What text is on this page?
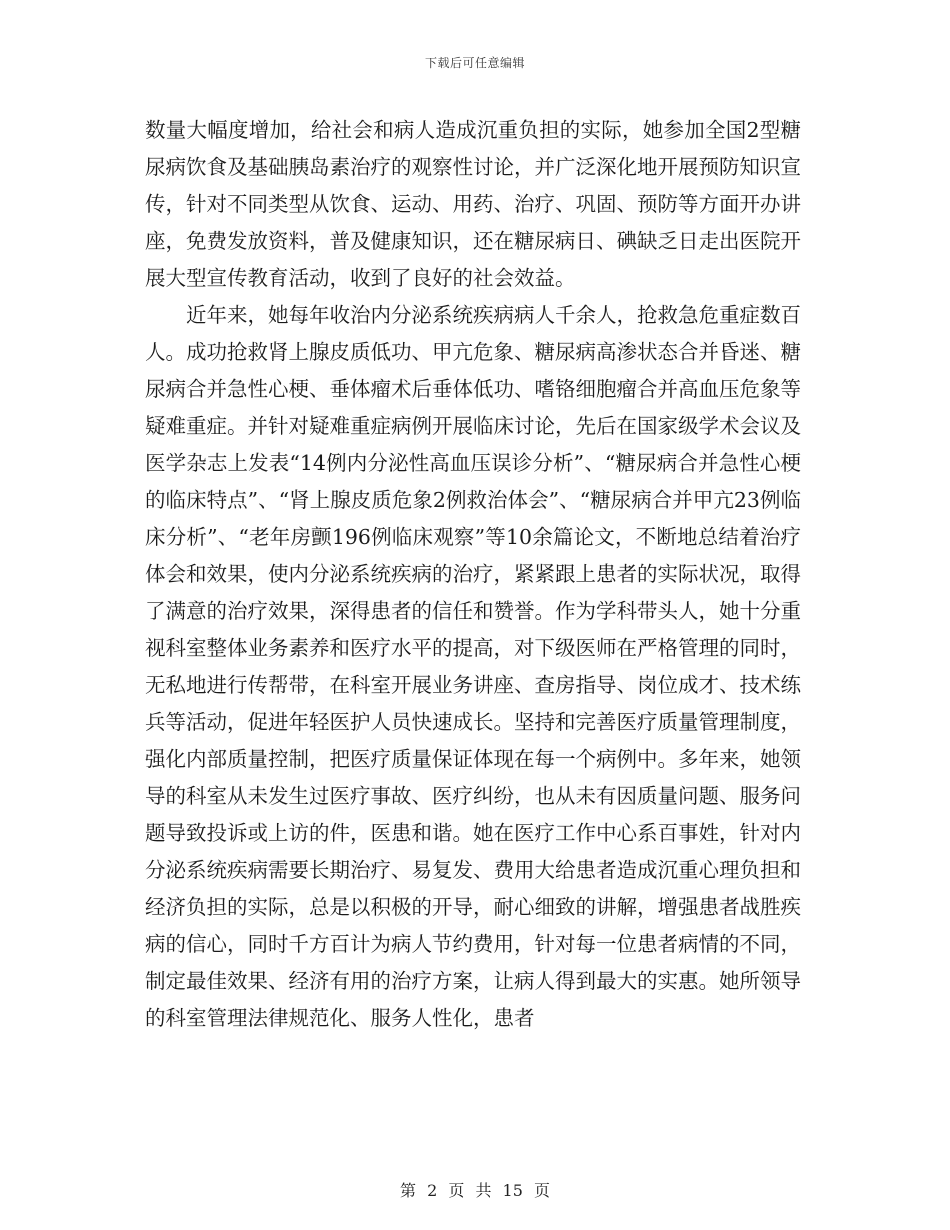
下载后可任意编辑

数量大幅度增加，给社会和病人造成沉重负担的实际，她参加全国2型糖尿病饮食及基础胰岛素治疗的观察性讨论，并广泛深化地开展预防知识宣传，针对不同类型从饮食、运动、用药、治疗、巩固、预防等方面开办讲座，免费发放资料，普及健康知识，还在糖尿病日、碘缺乏日走出医院开展大型宣传教育活动，收到了良好的社会效益。

近年来，她每年收治内分泌系统疾病病人千余人，抢救急危重症数百人。成功抢救肾上腺皮质低功、甲亢危象、糖尿病高渗状态合并昏迷、糖尿病合并急性心梗、垂体瘤术后垂体低功、嗜铬细胞瘤合并高血压危象等疑难重症。并针对疑难重症病例开展临床讨论，先后在国家级学术会议及医学杂志上发表“14例内分泌性高血压误诊分析”、“糖尿病合并急性心梗的临床特点”、“肾上腺皮质危象2例救治体会”、“糖尿病合并甲亢23例临床分析”、“老年房颤196例临床观察”等10余篇论文，不断地总结着治疗体会和效果，使内分泌系统疾病的治疗，紧紧跟上患者的实际状况，取得了满意的治疗效果，深得患者的信任和赞誉。作为学科带头人，她十分重视科室整体业务素养和医疗水平的提高，对下级医师在严格管理的同时，无私地进行传帮带，在科室开展业务讲座、查房指导、岗位成才、技术练兵等活动，促进年轻医护人员快速成长。坚持和完善医疗质量管理制度，强化内部质量控制，把医疗质量保证体现在每一个病例中。多年来，她领导的科室从未发生过医疗事故、医疗纠纷，也从未有因质量问题、服务问题导致投诉或上访的件，医患和谐。她在医疗工作中心系百事姓，针对内分泌系统疾病需要长期治疗、易复发、费用大给患者造成沉重心理负担和经济负担的实际，总是以积极的开导，耐心细致的讲解，增强患者战胜疾病的信心，同时千方百计为病人节约费用，针对每一位患者病情的不同，制定最佳效果、经济有用的治疗方案，让病人得到最大的实惠。她所领导的科室管理法律规范化、服务人性化，患者

第 2 页 共 15 页
